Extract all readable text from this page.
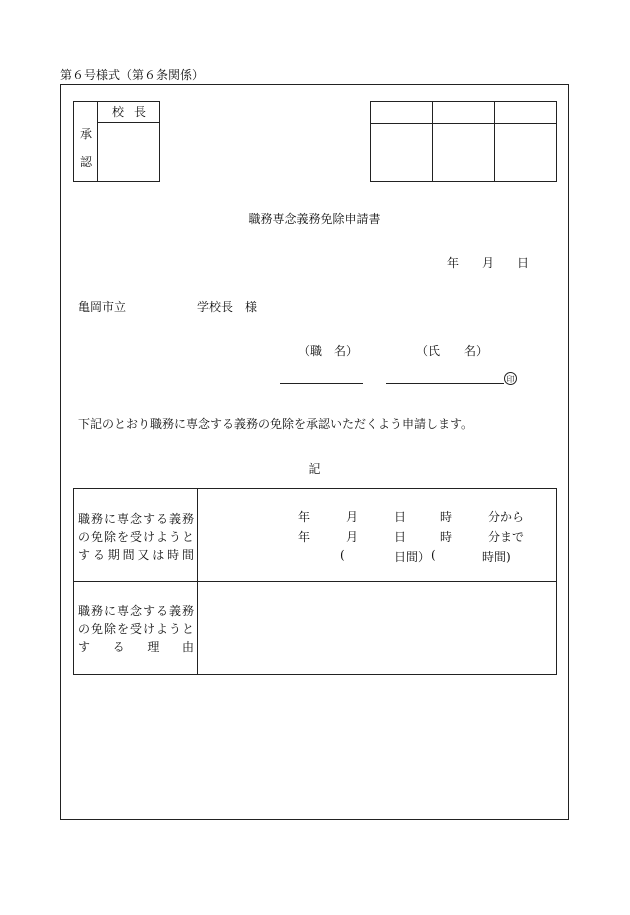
第６号様式（第６条関係）
承
認
校長
職務専念義務免除申請書
年 月 日
亀岡市立	学校長　様
（職　名）	（氏　　名）
印
下記のとおり職務に専念する義務の免除を承認いただくよう申請します。
記
職務に専念する義務
の免除を受けようと
する期間又は時間
年	月	日	時	分から
年	月	日	時	分まで
(	日間） (	時間)
職務に専念する義務
の免除を受けようと
する理由
